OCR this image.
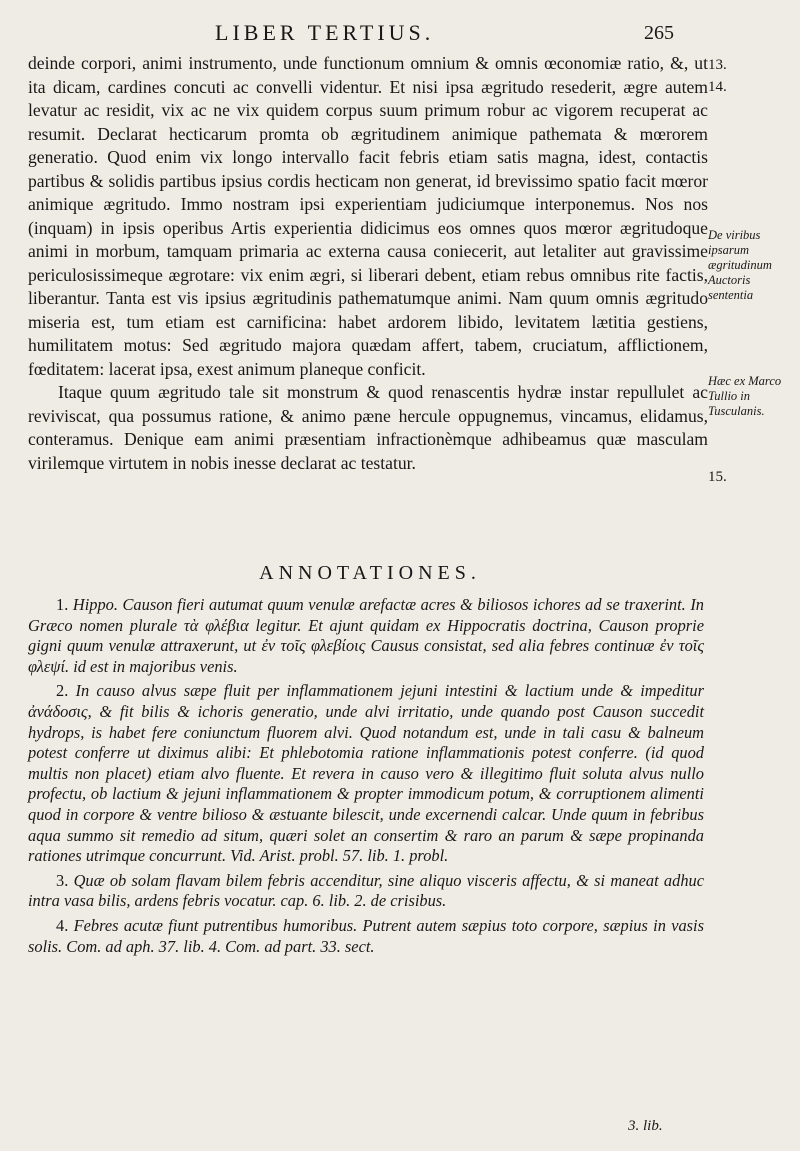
LIBER TERTIUS.	265

deinde corpori, animi instrumento, unde functionum omnium & omnis œconomiæ ratio, &, ut ita dicam, cardines concuti ac convelli videntur. Et nisi ipsa ægritudo resederit, ægre autem levatur ac residit, vix ac ne vix quidem corpus suum primum robur ac vigorem recuperat ac resumit. Declarat hecticarum promta ob ægritudinem animique pathemata & mœrorem generatio. Quod enim vix longo intervallo facit febris etiam satis magna, idest, contactis partibus & solidis partibus ipsius cordis hecticam non generat, id brevissimo spatio facit mœror animique ægritudo. Immo nostram ipsi experientiam judiciumque interponemus. Nos nos (inquam) in ipsis operibus Artis experientia didicimus eos omnes quos mœror ægritudoque animi in morbum, tamquam primaria ac externa causa coniecerit, aut letaliter aut gravissime periculosissimeque ægrotare: vix enim ægri, si liberari debent, etiam rebus omnibus rite factis, liberantur. Tanta est vis ipsius ægritudinis pathematumque animi. Nam quum omnis ægritudo miseria est, tum etiam est carnificina: habet ardorem libido, levitatem lætitia gestiens, humilitatem motus: Sed ægritudo majora quædam affert, tabem, cruciatum, afflictionem, fœditatem: lacerat ipsa, exest animum planeque conficit.

Itaque quum ægritudo tale sit monstrum & quod renascentis hydræ instar repullulet ac reviviscat, qua possumus ratione, & animo pæne hercule oppugnemus, vincamus, elidamus, conteramus. Denique eam animi præsentiam infractionèmque adhibeamus quæ masculam virilemque virtutem in nobis inesse declarat ac testatur.

13.
14.
De viribus ipsarum ægritudinum Auctoris sententia
Hæc ex Marco Tullio in Tusculanis.
15.
ANNOTATIONES.

1. Hippo. Causon fieri autumat quum venulæ arefactæ acres & biliosos ichores ad se traxerint. In Græco nomen plurale τὰ φλέβια legitur. Et ajunt quidam ex Hippocratis doctrina, Causon proprie gigni quum venulæ attraxerunt, ut ἐν τοῖς φλεβίοις Causus consistat, sed alia febres continuæ ἐν τοῖς φλεψί. id est in majoribus venis.

2. In causo alvus sæpe fluit per inflammationem jejuni intestini & lactium unde & impeditur ἀνάδοσις, & fit bilis & ichoris generatio, unde alvi irritatio, unde quando post Causon succedit hydrops, is habet fere coniunctum fluorem alvi. Quod notandum est, unde in tali casu & balneum potest conferre ut diximus alibi: Et phlebotomia ratione inflammationis potest conferre. (id quod multis non placet) etiam alvo fluente. Et revera in causo vero & illegitimo fluit soluta alvus nullo profectu, ob lactium & jejuni inflammationem & propter immodicum potum, & corruptionem alimenti quod in corpore & ventre bilioso & æstuante bilescit, unde excernendi calcar. Unde quum in febribus aqua summo sit remedio ad situm, quæri solet an consertim & raro an parum & sæpe propinanda rationes utrimque concurrunt. Vid. Arist. probl. 57. lib. 1. probl.

3. Quæ ob solam flavam bilem febris accenditur, sine aliquo visceris affectu, & si maneat adhuc intra vasa bilis, ardens febris vocatur. cap. 6. lib. 2. de crisibus.

4. Febres acutæ fiunt putrentibus humoribus. Putrent autem sæpius toto corpore, sæpius in vasis solis. Com. ad aph. 37. lib. 4. Com. ad part. 33. sect.

3. lib.
